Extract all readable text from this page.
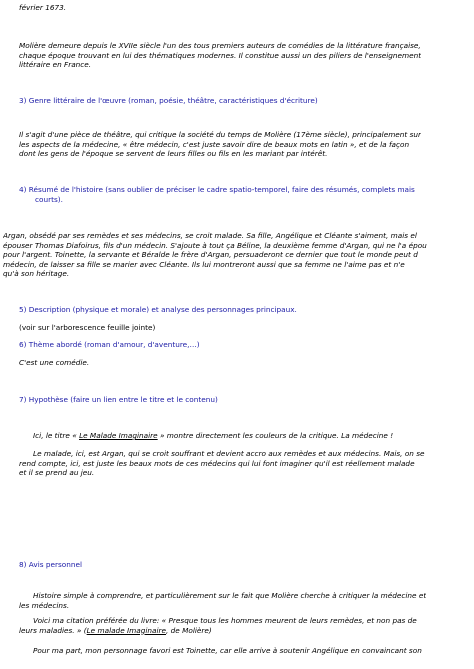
février 1673.
Molière demeure depuis le XVIIe siècle l'un des tous premiers auteurs de comédies de la littérature française,
chaque époque trouvant en lui des thématiques modernes. Il constitue aussi un des piliers de l'enseignement
littéraire en France.
3) Genre littéraire de l'œuvre (roman, poésie, théâtre, caractéristiques d'écriture)
Il s'agit d'une pièce de théâtre, qui critique la société du temps de Molière (17ème siècle), principalement sur
les aspects de la médecine, « être médecin, c'est juste savoir dire de beaux mots en latin », et de la façon
dont les gens de l'époque se servent de leurs filles ou fils en les mariant par intérêt.
4) Résumé de l'histoire (sans oublier de préciser le cadre spatio-temporel, faire des résumés, complets mais
courts).
Argan, obsédé par ses remèdes et ses médecins, se croit malade. Sa fille, Angélique et Cléante s'aiment, mais el
épouser Thomas Diafoirus, fils d'un médecin. S'ajoute à tout ça Béline, la deuxième femme d'Argan, qui ne l'a épou
pour l'argent. Toinette, la servante et Béralde le frère d'Argan, persuaderont ce dernier que tout le monde peut d
médecin, de laisser sa fille se marier avec Cléante. Ils lui montreront aussi que sa femme ne l'aime pas et n'e
qu'à son héritage.
5) Description (physique et morale) et analyse des personnages principaux.
(voir sur l'arborescence feuille jointe)
6) Thème abordé (roman d'amour, d'aventure,…)
C'est une comédie.
7) Hypothèse (faire un lien entre le titre et le contenu)
Ici, le titre « Le Malade Imaginaire » montre directement les couleurs de la critique. La médecine !
Le malade, ici, est Argan, qui se croit souffrant et devient accro aux remèdes et aux médecins. Mais, on se
rend compte, ici, est juste les beaux mots de ces médecins qui lui font imaginer qu'il est réellement malade
et il se prend au jeu.
8) Avis personnel
Histoire simple à comprendre, et particulièrement sur le fait que Molière cherche à critiquer la médecine et
les médecins.
Voici ma citation préférée du livre: « Presque tous les hommes meurent de leurs remèdes, et non pas de
leurs maladies. » (Le malade Imaginaire, de Molière)
Pour ma part, mon personnage favori est Toinette, car elle arrive à soutenir Angélique en convaincant son
